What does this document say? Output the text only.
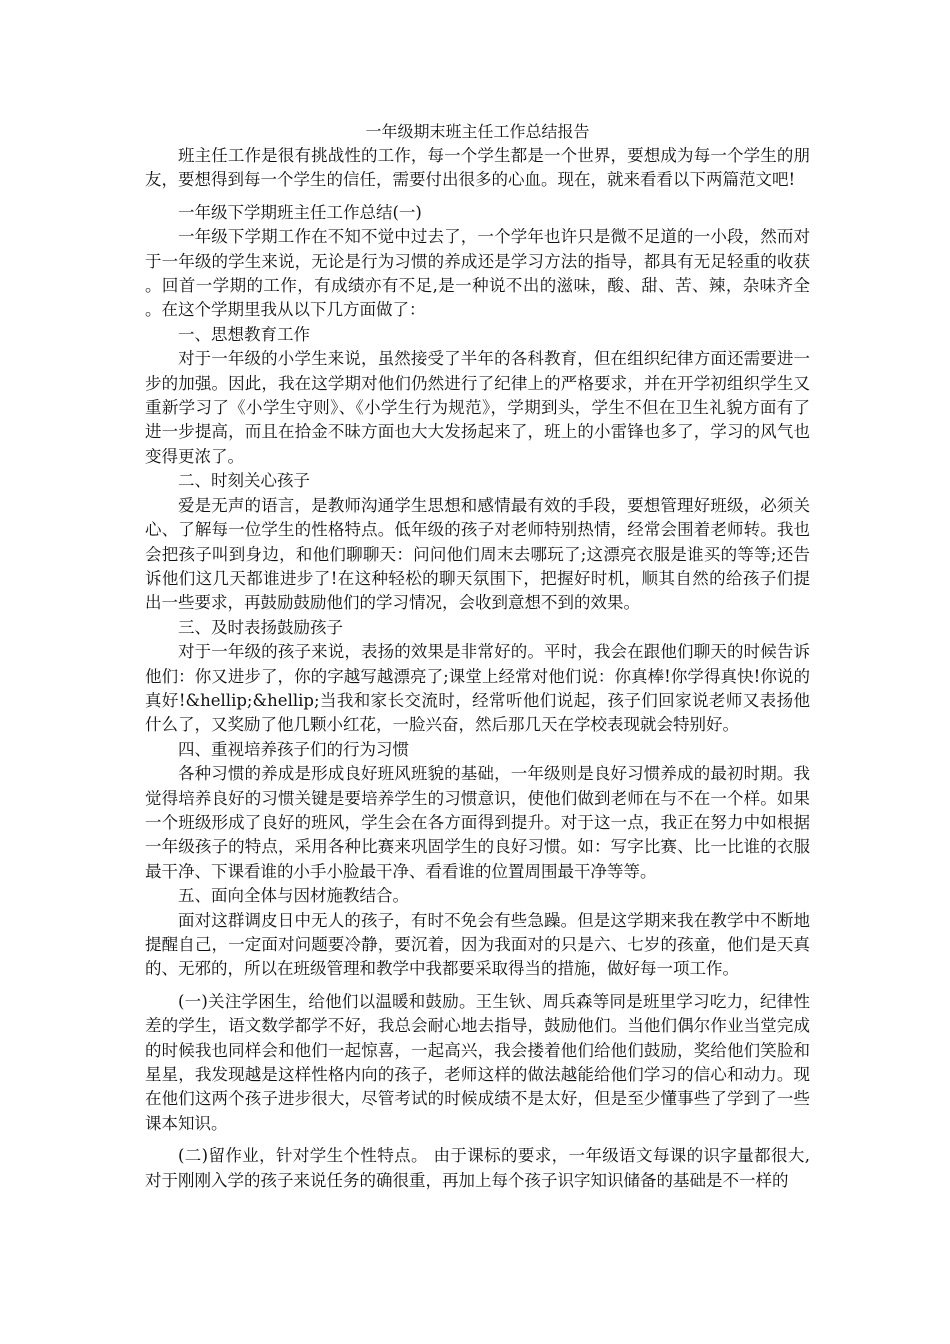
一年级期末班主任工作总结报告

班主任工作是很有挑战性的工作，每一个学生都是一个世界，要想成为每一个学生的朋友，要想得到每一个学生的信任，需要付出很多的心血。现在，就来看看以下两篇范文吧!

一年级下学期班主任工作总结(一)

一年级下学期工作在不知不觉中过去了，一个学年也许只是微不足道的一小段，然而对于一年级的学生来说，无论是行为习惯的养成还是学习方法的指导，都具有无足轻重的收获。回首一学期的工作，有成绩亦有不足,是一种说不出的滋味，酸、甜、苦、辣，杂味齐全。在这个学期里我从以下几方面做了：

一、思想教育工作

对于一年级的小学生来说，虽然接受了半年的各科教育，但在组织纪律方面还需要进一步的加强。因此，我在这学期对他们仍然进行了纪律上的严格要求，并在开学初组织学生又重新学习了《小学生守则》、《小学生行为规范》，学期到头，学生不但在卫生礼貌方面有了进一步提高，而且在拾金不昧方面也大大发扬起来了，班上的小雷锋也多了，学习的风气也变得更浓了。

二、时刻关心孩子

爱是无声的语言，是教师沟通学生思想和感情最有效的手段，要想管理好班级，必须关心、了解每一位学生的性格特点。低年级的孩子对老师特别热情，经常会围着老师转。我也会把孩子叫到身边，和他们聊聊天：问问他们周末去哪玩了;这漂亮衣服是谁买的等等;还告诉他们这几天都谁进步了!在这种轻松的聊天氛围下，把握好时机，顺其自然的给孩子们提出一些要求，再鼓励鼓励他们的学习情况，会收到意想不到的效果。

三、及时表扬鼓励孩子

对于一年级的孩子来说，表扬的效果是非常好的。平时，我会在跟他们聊天的时候告诉他们：你又进步了，你的字越写越漂亮了;课堂上经常对他们说：你真棒!你学得真快!你说的真好!&hellip;&hellip;当我和家长交流时，经常听他们说起，孩子们回家说老师又表扬他什么了，又奖励了他几颗小红花，一脸兴奋，然后那几天在学校表现就会特别好。

四、重视培养孩子们的行为习惯

各种习惯的养成是形成良好班风班貌的基础，一年级则是良好习惯养成的最初时期。我觉得培养良好的习惯关键是要培养学生的习惯意识，使他们做到老师在与不在一个样。如果一个班级形成了良好的班风，学生会在各方面得到提升。对于这一点，我正在努力中如根据一年级孩子的特点，采用各种比赛来巩固学生的良好习惯。如：写字比赛、比一比谁的衣服最干净、下课看谁的小手小脸最干净、看看谁的位置周围最干净等等。

五、面向全体与因材施教结合。

面对这群调皮日中无人的孩子，有时不免会有些急躁。但是这学期来我在教学中不断地提醒自己，一定面对问题要冷静，要沉着，因为我面对的只是六、七岁的孩童，他们是天真的、无邪的，所以在班级管理和教学中我都要采取得当的措施，做好每一项工作。

(一)关注学困生，给他们以温暖和鼓励。王生钬、周兵森等同是班里学习吃力，纪律性差的学生，语文数学都学不好，我总会耐心地去指导，鼓励他们。当他们偶尔作业当堂完成的时候我也同样会和他们一起惊喜，一起高兴，我会搂着他们给他们鼓励，奖给他们笑脸和星星，我发现越是这样性格内向的孩子，老师这样的做法越能给他们学习的信心和动力。现在他们这两个孩子进步很大，尽管考试的时候成绩不是太好，但是至少懂事些了学到了一些课本知识。

(二)留作业，针对学生个性特点。 由于课标的要求，一年级语文每课的识字量都很大,对于刚刚入学的孩子来说任务的确很重，再加上每个孩子识字知识储备的基础是不一样的
